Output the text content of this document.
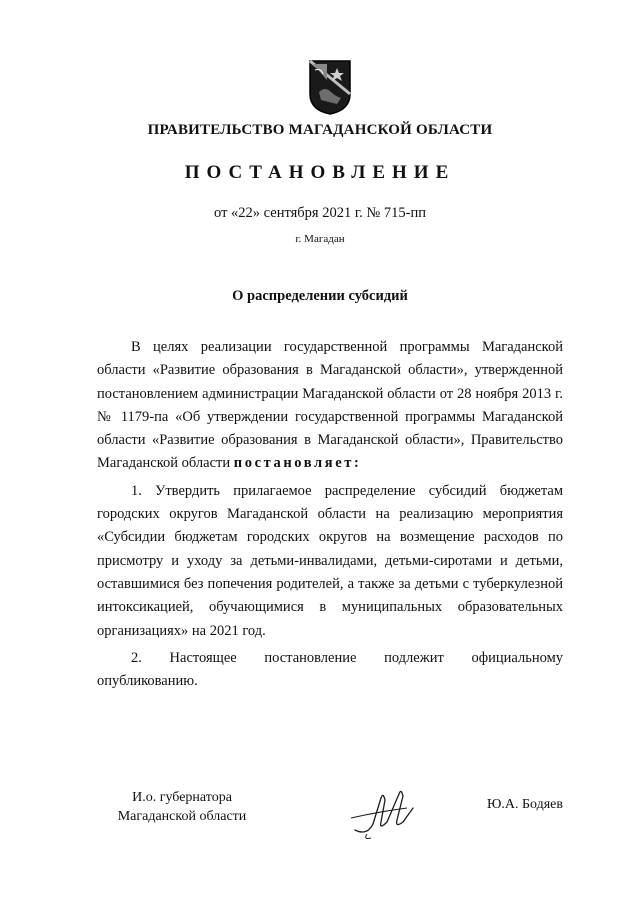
ПРАВИТЕЛЬСТВО МАГАДАНСКОЙ ОБЛАСТИ
ПОСТАНОВЛЕНИЕ
от «22» сентября 2021 г. № 715-пп
г. Магадан
О распределении субсидий

В целях реализации государственной программы Магаданской области «Развитие образования в Магаданской области», утвержденной постановлением администрации Магаданской области от 28 ноября 2013 г. № 1179-па «Об утверждении государственной программы Магаданской области «Развитие образования в Магаданской области», Правительство Магаданской области постановляет:

1. Утвердить прилагаемое распределение субсидий бюджетам городских округов Магаданской области на реализацию мероприятия «Субсидии бюджетам городских округов на возмещение расходов по присмотру и уходу за детьми-инвалидами, детьми-сиротами и детьми, оставшимися без попечения родителей, а также за детьми с туберкулезной интоксикацией, обучающимися в муниципальных образовательных организациях» на 2021 год.

2. Настоящее постановление подлежит официальному опубликованию.

И.о. губернатора
Магаданской области
Ю.А. Бодяев
